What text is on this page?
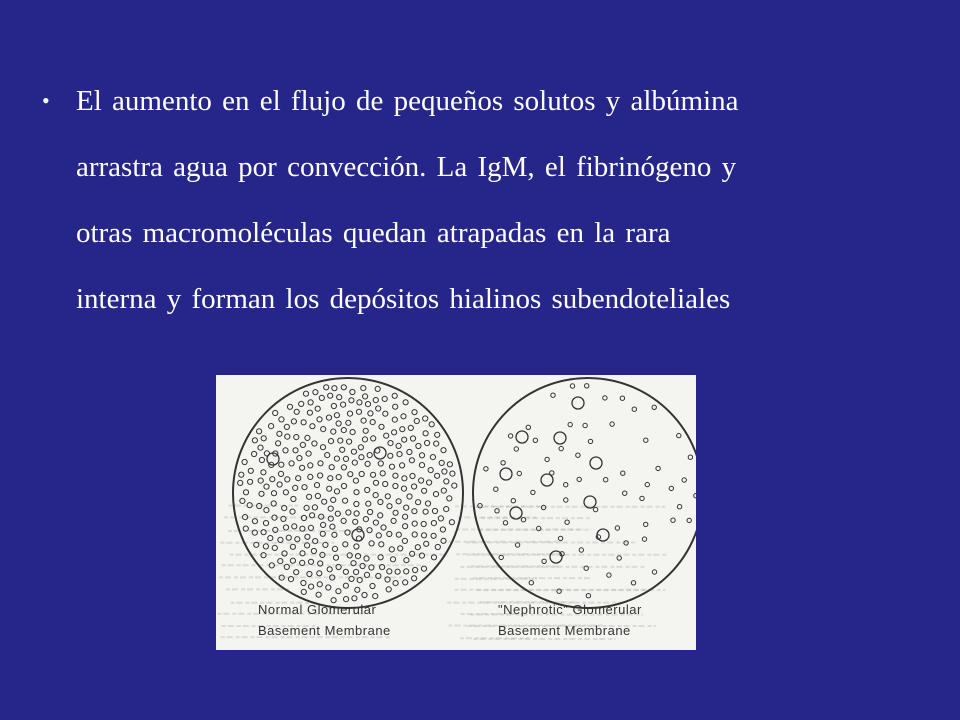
• El aumento en el flujo de pequeños solutos y albúmina
arrastra agua por convección. La IgM, el fibrinógeno y
otras macromoléculas quedan atrapadas en la rara
interna y forman los depósitos hialinos subendoteliales
Normal Glomerular
Basement Membrane
"Nephrotic" Glomerular
Basement Membrane
